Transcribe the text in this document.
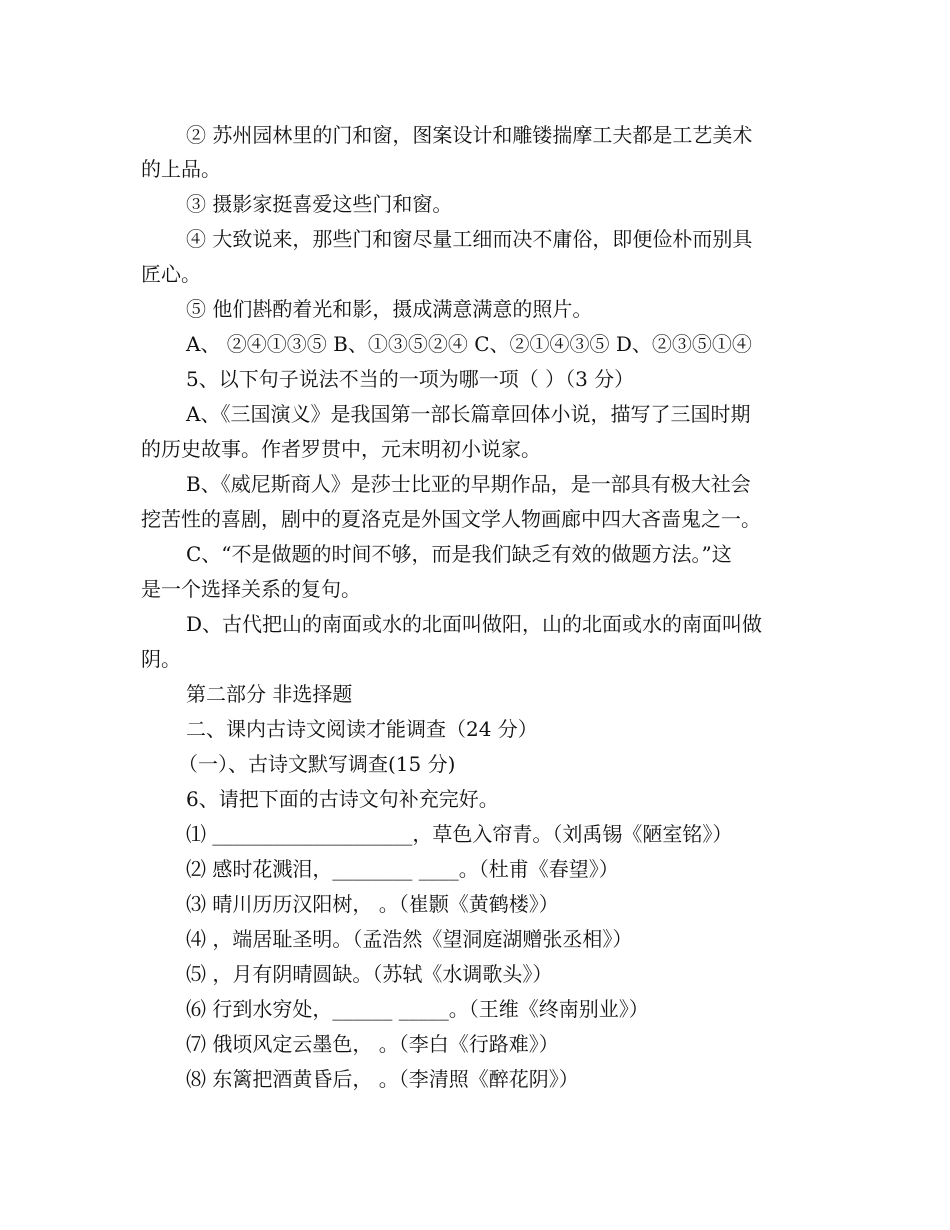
② 苏州园林里的门和窗，图案设计和雕镂揣摩工夫都是工艺美术
的上品。
③ 摄影家挺喜爱这些门和窗。
④ 大致说来，那些门和窗尽量工细而决不庸俗，即便俭朴而别具
匠心。
⑤ 他们斟酌着光和影，摄成满意满意的照片。
A、 ②④①③⑤ B、①③⑤②④ C、②①④③⑤ D、②③⑤①④
5、以下句子说法不当的一项为哪一项（ ）（3 分）
A、《三国演义》是我国第一部长篇章回体小说，描写了三国时期
的历史故事。作者罗贯中，元末明初小说家。
B、《威尼斯商人》是莎士比亚的早期作品，是一部具有极大社会
挖苦性的喜剧，剧中的夏洛克是外国文学人物画廊中四大吝啬鬼之一。
C、“不是做题的时间不够，而是我们缺乏有效的做题方法。”这
是一个选择关系的复句。
D、古代把山的南面或水的北面叫做阳，山的北面或水的南面叫做
阴。
第二部分 非选择题
二、课内古诗文阅读才能调查（24 分）
（一）、古诗文默写调查(15 分)
6、请把下面的古诗文句补充完好。
⑴ ____________________，草色入帘青。（刘禹锡《陋室铭》）
⑵ 感时花溅泪，________ ____。（杜甫《春望》）
⑶ 晴川历历汉阳树， 。（崔颢《黄鹤楼》）
⑷ ，端居耻圣明。（孟浩然《望洞庭湖赠张丞相》）
⑸ ，月有阴晴圆缺。（苏轼《水调歌头》）
⑹ 行到水穷处，______ _____。（王维《终南别业》）
⑺ 俄顷风定云墨色， 。（李白《行路难》）
⑻ 东篱把酒黄昏后， 。（李清照《醉花阴》）
